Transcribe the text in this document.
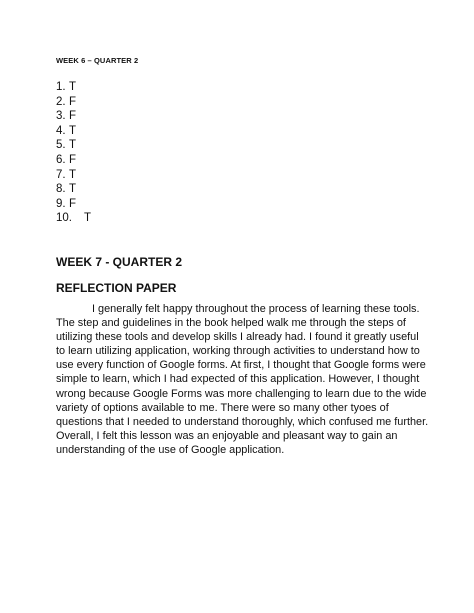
WEEK 6 – QUARTER 2
1. T
2. F
3. F
4. T
5. T
6. F
7. T
8. T
9. F
10. T
WEEK 7 - QUARTER 2
REFLECTION PAPER
I generally felt happy throughout the process of learning these tools.
The step and guidelines in the book helped walk me through the steps of
utilizing these tools and develop skills I already had. I found it greatly useful
to learn utilizing application, working through activities to understand how to
use every function of Google forms. At first, I thought that Google forms were
simple to learn, which I had expected of this application. However, I thought
wrong because Google Forms was more challenging to learn due to the wide
variety of options available to me. There were so many other tyoes of
questions that I needed to understand thoroughly, which confused me further.
Overall, I felt this lesson was an enjoyable and pleasant way to gain an
understanding of the use of Google application.
